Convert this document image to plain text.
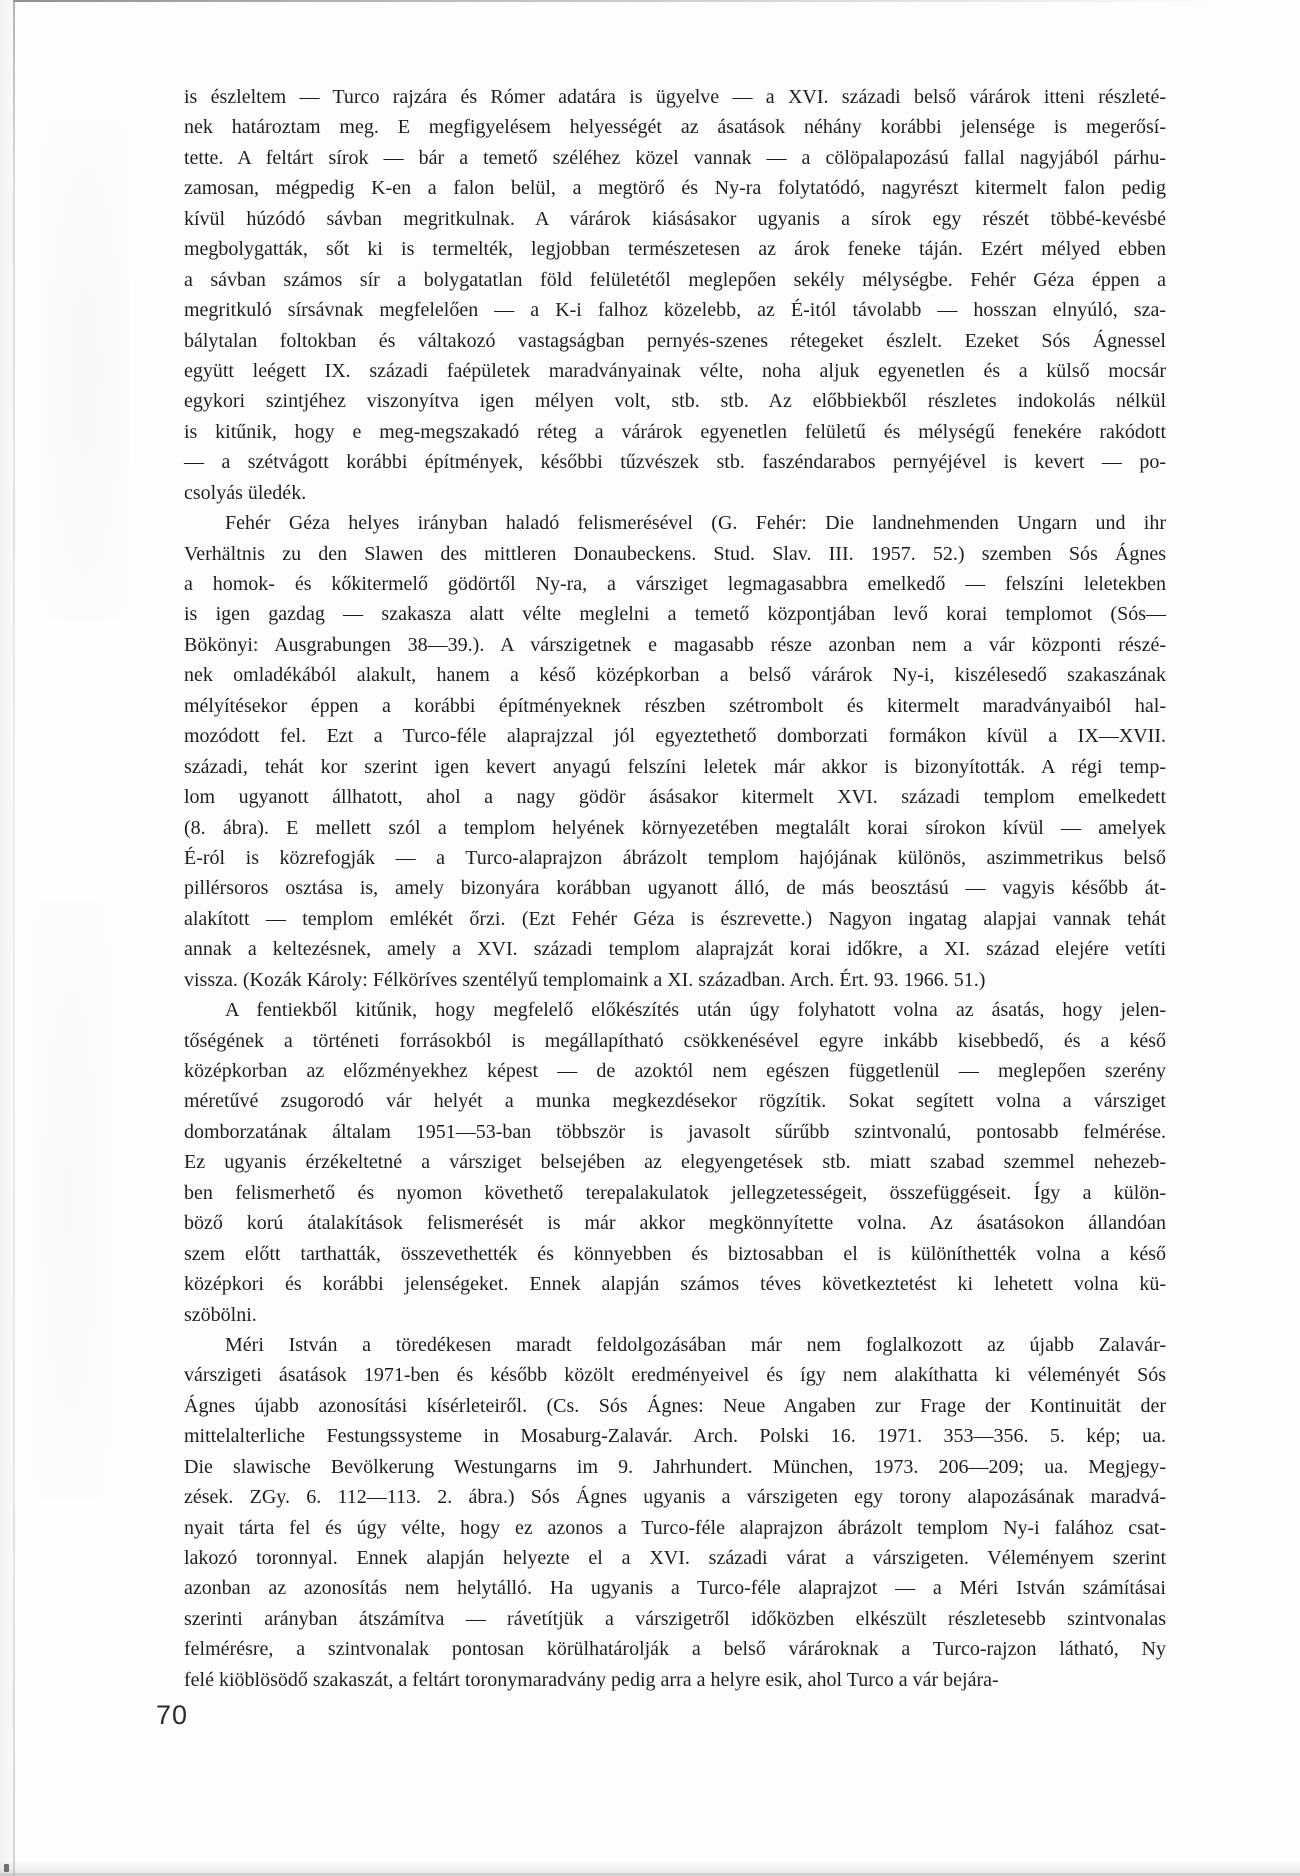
is észleltem — Turco rajzára és Rómer adatára is ügyelve — a XVI. századi belső várárok itteni részleté-
nek határoztam meg. E megfigyelésem helyességét az ásatások néhány korábbi jelensége is megerősí-
tette. A feltárt sírok — bár a temető széléhez közel vannak — a cölöpalapozású fallal nagyjából párhu-
zamosan, mégpedig K-en a falon belül, a megtörő és Ny-ra folytatódó, nagyrészt kitermelt falon pedig
kívül húzódó sávban megritkulnak. A várárok kiásásakor ugyanis a sírok egy részét többé-kevésbé
megbolygatták, sőt ki is termelték, legjobban természetesen az árok feneke táján. Ezért mélyed ebben
a sávban számos sír a bolygatatlan föld felületétől meglepően sekély mélységbe. Fehér Géza éppen a
megritkuló sírsávnak megfelelően — a K-i falhoz közelebb, az É-itól távolabb — hosszan elnyúló, sza-
bálytalan foltokban és váltakozó vastagságban pernyés-szenes rétegeket észlelt. Ezeket Sós Ágnessel
együtt leégett IX. századi faépületek maradványainak vélte, noha aljuk egyenetlen és a külső mocsár
egykori szintjéhez viszonyítva igen mélyen volt, stb. stb. Az előbbiekből részletes indokolás nélkül
is kitűnik, hogy e meg-megszakadó réteg a várárok egyenetlen felületű és mélységű fenekére rakódott
— a szétvágott korábbi építmények, későbbi tűzvészek stb. faszéndarabos pernyéjével is kevert — po-
csolyás üledék.
Fehér Géza helyes irányban haladó felismerésével (G. Fehér: Die landnehmenden Ungarn und ihr
Verhältnis zu den Slawen des mittleren Donaubeckens. Stud. Slav. III. 1957. 52.) szemben Sós Ágnes
a homok- és kőkitermelő gödörtől Ny-ra, a vársziget legmagasabbra emelkedő — felszíni leletekben
is igen gazdag — szakasza alatt vélte meglelni a temető központjában levő korai templomot (Sós—
Bökönyi: Ausgrabungen 38—39.). A várszigetnek e magasabb része azonban nem a vár központi részé-
nek omladékából alakult, hanem a késő középkorban a belső várárok Ny-i, kiszélesedő szakaszának
mélyítésekor éppen a korábbi építményeknek részben szétrombolt és kitermelt maradványaiból hal-
mozódott fel. Ezt a Turco-féle alaprajzzal jól egyeztethető domborzati formákon kívül a IX—XVII.
századi, tehát kor szerint igen kevert anyagú felszíni leletek már akkor is bizonyították. A régi temp-
lom ugyanott állhatott, ahol a nagy gödör ásásakor kitermelt XVI. századi templom emelkedett
(8. ábra). E mellett szól a templom helyének környezetében megtalált korai sírokon kívül — amelyek
É-ról is közrefogják — a Turco-alaprajzon ábrázolt templom hajójának különös, aszimmetrikus belső
pillérsoros osztása is, amely bizonyára korábban ugyanott álló, de más beosztású — vagyis később át-
alakított — templom emlékét őrzi. (Ezt Fehér Géza is észrevette.) Nagyon ingatag alapjai vannak tehát
annak a keltezésnek, amely a XVI. századi templom alaprajzát korai időkre, a XI. század elejére vetíti
vissza. (Kozák Károly: Félköríves szentélyű templomaink a XI. században. Arch. Ért. 93. 1966. 51.)
A fentiekből kitűnik, hogy megfelelő előkészítés után úgy folyhatott volna az ásatás, hogy jelen-
tőségének a történeti forrásokból is megállapítható csökkenésével egyre inkább kisebbedő, és a késő
középkorban az előzményekhez képest — de azoktól nem egészen függetlenül — meglepően szerény
méretűvé zsugorodó vár helyét a munka megkezdésekor rögzítik. Sokat segített volna a vársziget
domborzatának általam 1951—53-ban többször is javasolt sűrűbb szintvonalú, pontosabb felmérése.
Ez ugyanis érzékeltetné a vársziget belsejében az elegyengetések stb. miatt szabad szemmel nehezeb-
ben felismerhető és nyomon követhető terepalakulatok jellegzetességeit, összefüggéseit. Így a külön-
böző korú átalakítások felismerését is már akkor megkönnyítette volna. Az ásatásokon állandóan
szem előtt tarthatták, összevethették és könnyebben és biztosabban el is különíthették volna a késő
középkori és korábbi jelenségeket. Ennek alapján számos téves következtetést ki lehetett volna kü-
szöbölni.
Méri István a töredékesen maradt feldolgozásában már nem foglalkozott az újabb Zalavár-
várszigeti ásatások 1971-ben és később közölt eredményeivel és így nem alakíthatta ki véleményét Sós
Ágnes újabb azonosítási kísérleteiről. (Cs. Sós Ágnes: Neue Angaben zur Frage der Kontinuität der
mittelalterliche Festungssysteme in Mosaburg-Zalavár. Arch. Polski 16. 1971. 353—356. 5. kép; ua.
Die slawische Bevölkerung Westungarns im 9. Jahrhundert. München, 1973. 206—209; ua. Megjegy-
zések. ZGy. 6. 112—113. 2. ábra.) Sós Ágnes ugyanis a várszigeten egy torony alapozásának maradvá-
nyait tárta fel és úgy vélte, hogy ez azonos a Turco-féle alaprajzon ábrázolt templom Ny-i falához csat-
lakozó toronnyal. Ennek alapján helyezte el a XVI. századi várat a várszigeten. Véleményem szerint
azonban az azonosítás nem helytálló. Ha ugyanis a Turco-féle alaprajzot — a Méri István számításai
szerinti arányban átszámítva — rávetítjük a várszigetről időközben elkészült részletesebb szintvonalas
felmérésre, a szintvonalak pontosan körülhatárolják a belső várároknak a Turco-rajzon látható, Ny
felé kiöblösödő szakaszát, a feltárt toronymaradvány pedig arra a helyre esik, ahol Turco a vár bejára-
70
